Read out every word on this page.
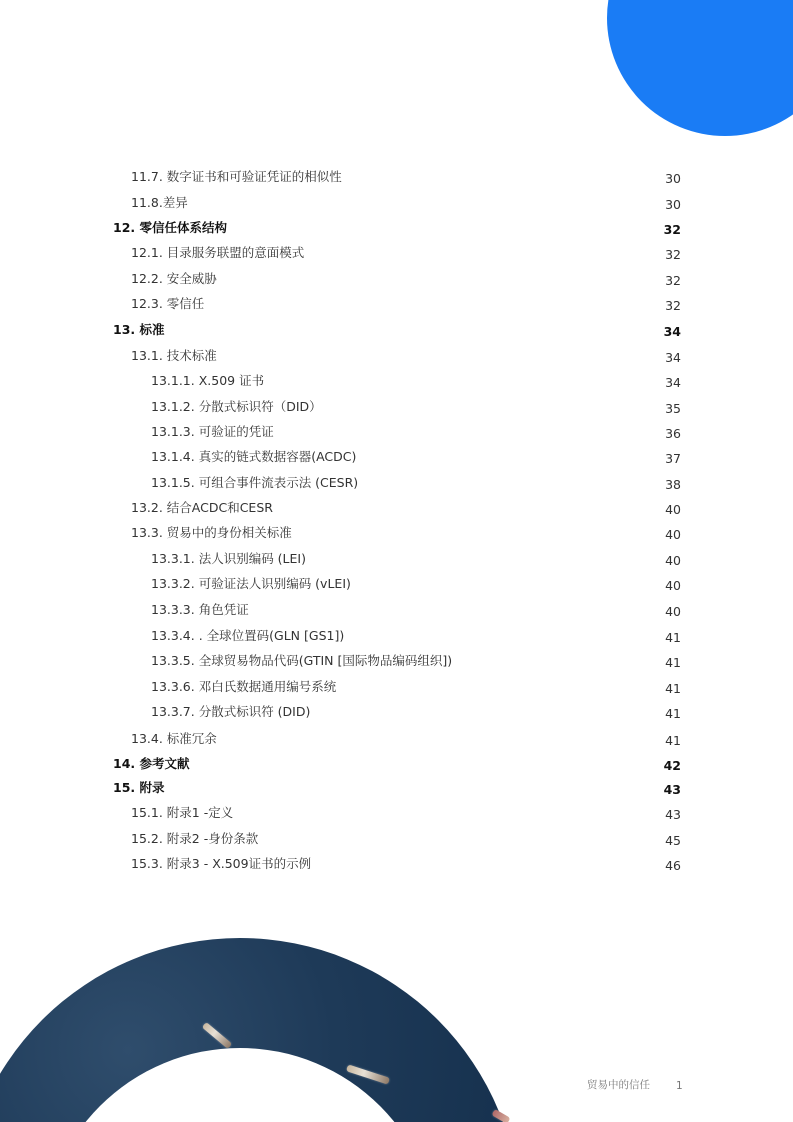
11.7. 数字证书和可验证凭证的相似性	30
11.8.差异	30
12. 零信任体系结构	32
12.1. 目录服务联盟的意面模式	32
12.2. 安全威胁	32
12.3. 零信任	32
13. 标准	34
13.1. 技术标准	34
13.1.1. X.509 证书	34
13.1.2. 分散式标识符（DID）	35
13.1.3. 可验证的凭证	36
13.1.4. 真实的链式数据容器(ACDC)	37
13.1.5. 可组合事件流表示法 (CESR)	38
13.2. 结合ACDC和CESR	40
13.3. 贸易中的身份相关标准	40
13.3.1. 法人识别编码 (LEI)	40
13.3.2. 可验证法人识别编码 (vLEI)	40
13.3.3. 角色凭证	40
13.3.4. . 全球位置码(GLN [GS1])	41
13.3.5. 全球贸易物品代码(GTIN [国际物品编码组织])	41
13.3.6. 邓白氏数据通用编号系统	41
13.3.7. 分散式标识符 (DID)	41
13.4. 标准冗余	41
14. 参考文献	42
15. 附录	43
15.1. 附录1 -定义	43
15.2. 附录2 -身份条款	45
15.3. 附录3 - X.509证书的示例	46
贸易中的信任 1
